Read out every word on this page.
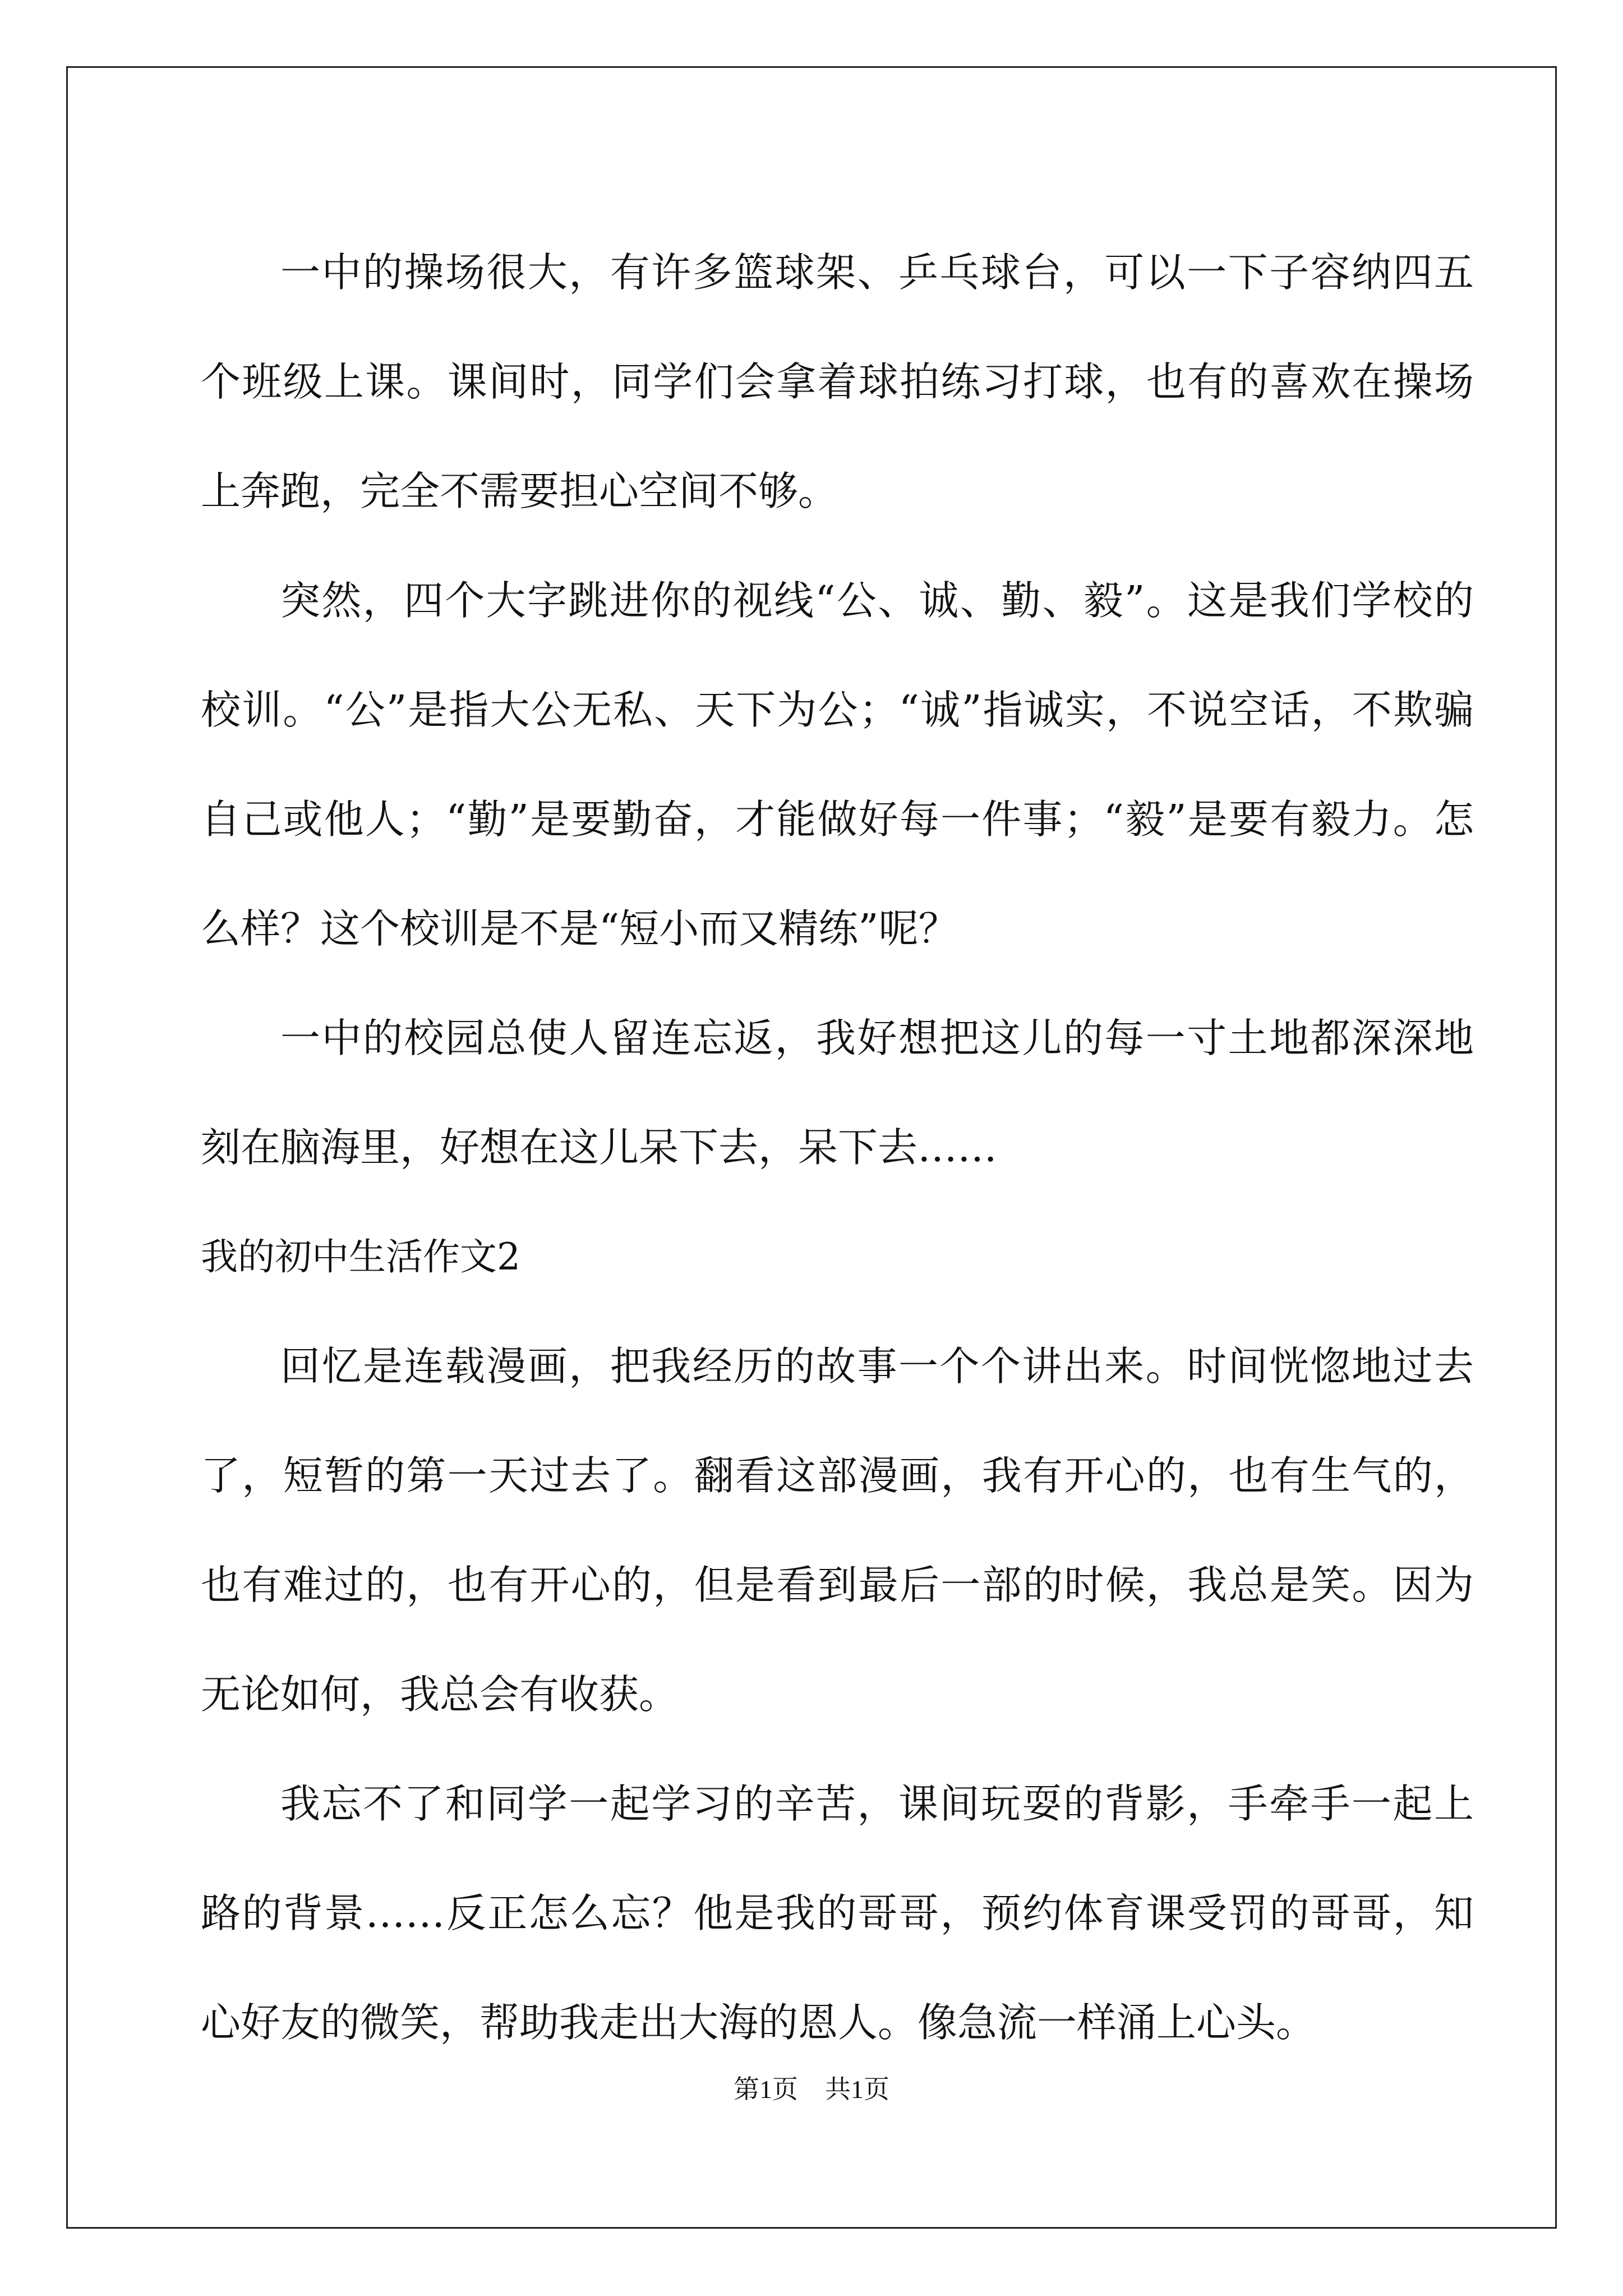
一中的操场很大，有许多篮球架、乒乓球台，可以一下子容纳四五个班级上课。课间时，同学们会拿着球拍练习打球，也有的喜欢在操场上奔跑，完全不需要担心空间不够。

突然，四个大字跳进你的视线“公、诚、勤、毅”。这是我们学校的校训。“公”是指大公无私、天下为公；“诚”指诚实，不说空话，不欺骗自己或他人；“勤”是要勤奋，才能做好每一件事；“毅”是要有毅力。怎么样？这个校训是不是“短小而又精练”呢？

一中的校园总使人留连忘返，我好想把这儿的每一寸土地都深深地刻在脑海里，好想在这儿呆下去，呆下去……

我的初中生活作文2

回忆是连载漫画，把我经历的故事一个个讲出来。时间恍惚地过去了，短暂的第一天过去了。翻看这部漫画，我有开心的，也有生气的，也有难过的，也有开心的，但是看到最后一部的时候，我总是笑。因为无论如何，我总会有收获。

我忘不了和同学一起学习的辛苦，课间玩耍的背影，手牵手一起上路的背景……反正怎么忘？他是我的哥哥，预约体育课受罚的哥哥，知心好友的微笑，帮助我走出大海的恩人。像急流一样涌上心头。

第1页 共1页
